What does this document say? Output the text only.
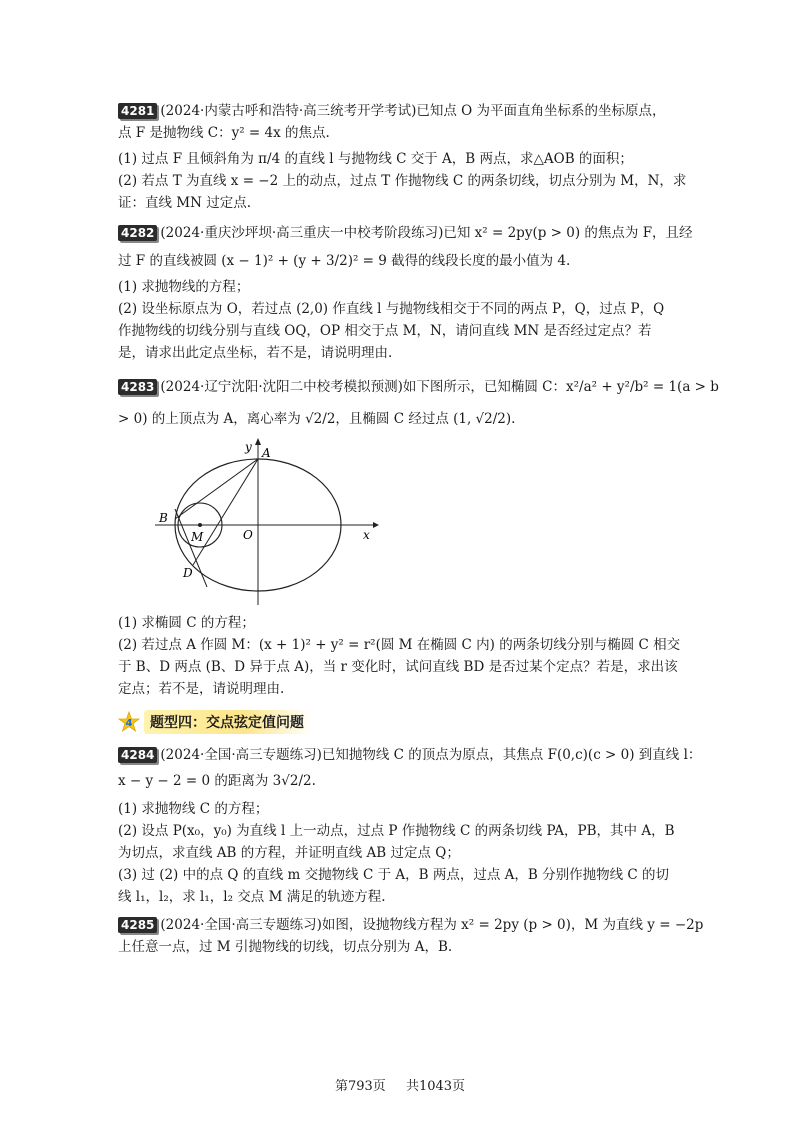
4281 (2024·内蒙古呼和浩特·高三统考开学考试)已知点 O 为平面直角坐标系的坐标原点，
点 F 是抛物线 C：y² = 4x 的焦点.
(1) 过点 F 且倾斜角为 π/4 的直线 l 与抛物线 C 交于 A，B 两点，求△AOB 的面积；
(2) 若点 T 为直线 x = −2 上的动点，过点 T 作抛物线 C 的两条切线，切点分别为 M，N，求
证：直线 MN 过定点.
4282 (2024·重庆沙坪坝·高三重庆一中校考阶段练习)已知 x² = 2py(p > 0) 的焦点为 F，且经
过 F 的直线被圆 (x − 1)² + (y + 3/2)² = 9 截得的线段长度的最小值为 4.
(1) 求抛物线的方程；
(2) 设坐标原点为 O，若过点 (2,0) 作直线 l 与抛物线相交于不同的两点 P，Q，过点 P，Q
作抛物线的切线分别与直线 OQ，OP 相交于点 M，N，请问直线 MN 是否经过定点？若
是，请求出此定点坐标，若不是，请说明理由.
4283 (2024·辽宁沈阳·沈阳二中校考模拟预测)如下图所示，已知椭圆 C：x²/a² + y²/b² = 1(a > b
> 0) 的上顶点为 A，离心率为 √2/2，且椭圆 C 经过点 (1, √2/2).
A
B
D
M	O	x
y
(1) 求椭圆 C 的方程；
(2) 若过点 A 作圆 M：(x + 1)² + y² = r²(圆 M 在椭圆 C 内) 的两条切线分别与椭圆 C 相交
于 B、D 两点 (B、D 异于点 A)，当 r 变化时，试问直线 BD 是否过某个定点？若是，求出该
定点；若不是，请说明理由.
4	题型四：交点弦定值问题
4284 (2024·全国·高三专题练习)已知抛物线 C 的顶点为原点，其焦点 F(0,c)(c > 0) 到直线 l：
x − y − 2 = 0 的距离为 3√2/2.
(1) 求抛物线 C 的方程；
(2) 设点 P(x₀，y₀) 为直线 l 上一动点，过点 P 作抛物线 C 的两条切线 PA，PB，其中 A，B
为切点，求直线 AB 的方程，并证明直线 AB 过定点 Q；
(3) 过 (2) 中的点 Q 的直线 m 交抛物线 C 于 A，B 两点，过点 A，B 分别作抛物线 C 的切
线 l₁，l₂，求 l₁，l₂ 交点 M 满足的轨迹方程.
4285 (2024·全国·高三专题练习)如图，设抛物线方程为 x² = 2py (p > 0)，M 为直线 y = −2p
上任意一点，过 M 引抛物线的切线，切点分别为 A，B.
第793页 共1043页
